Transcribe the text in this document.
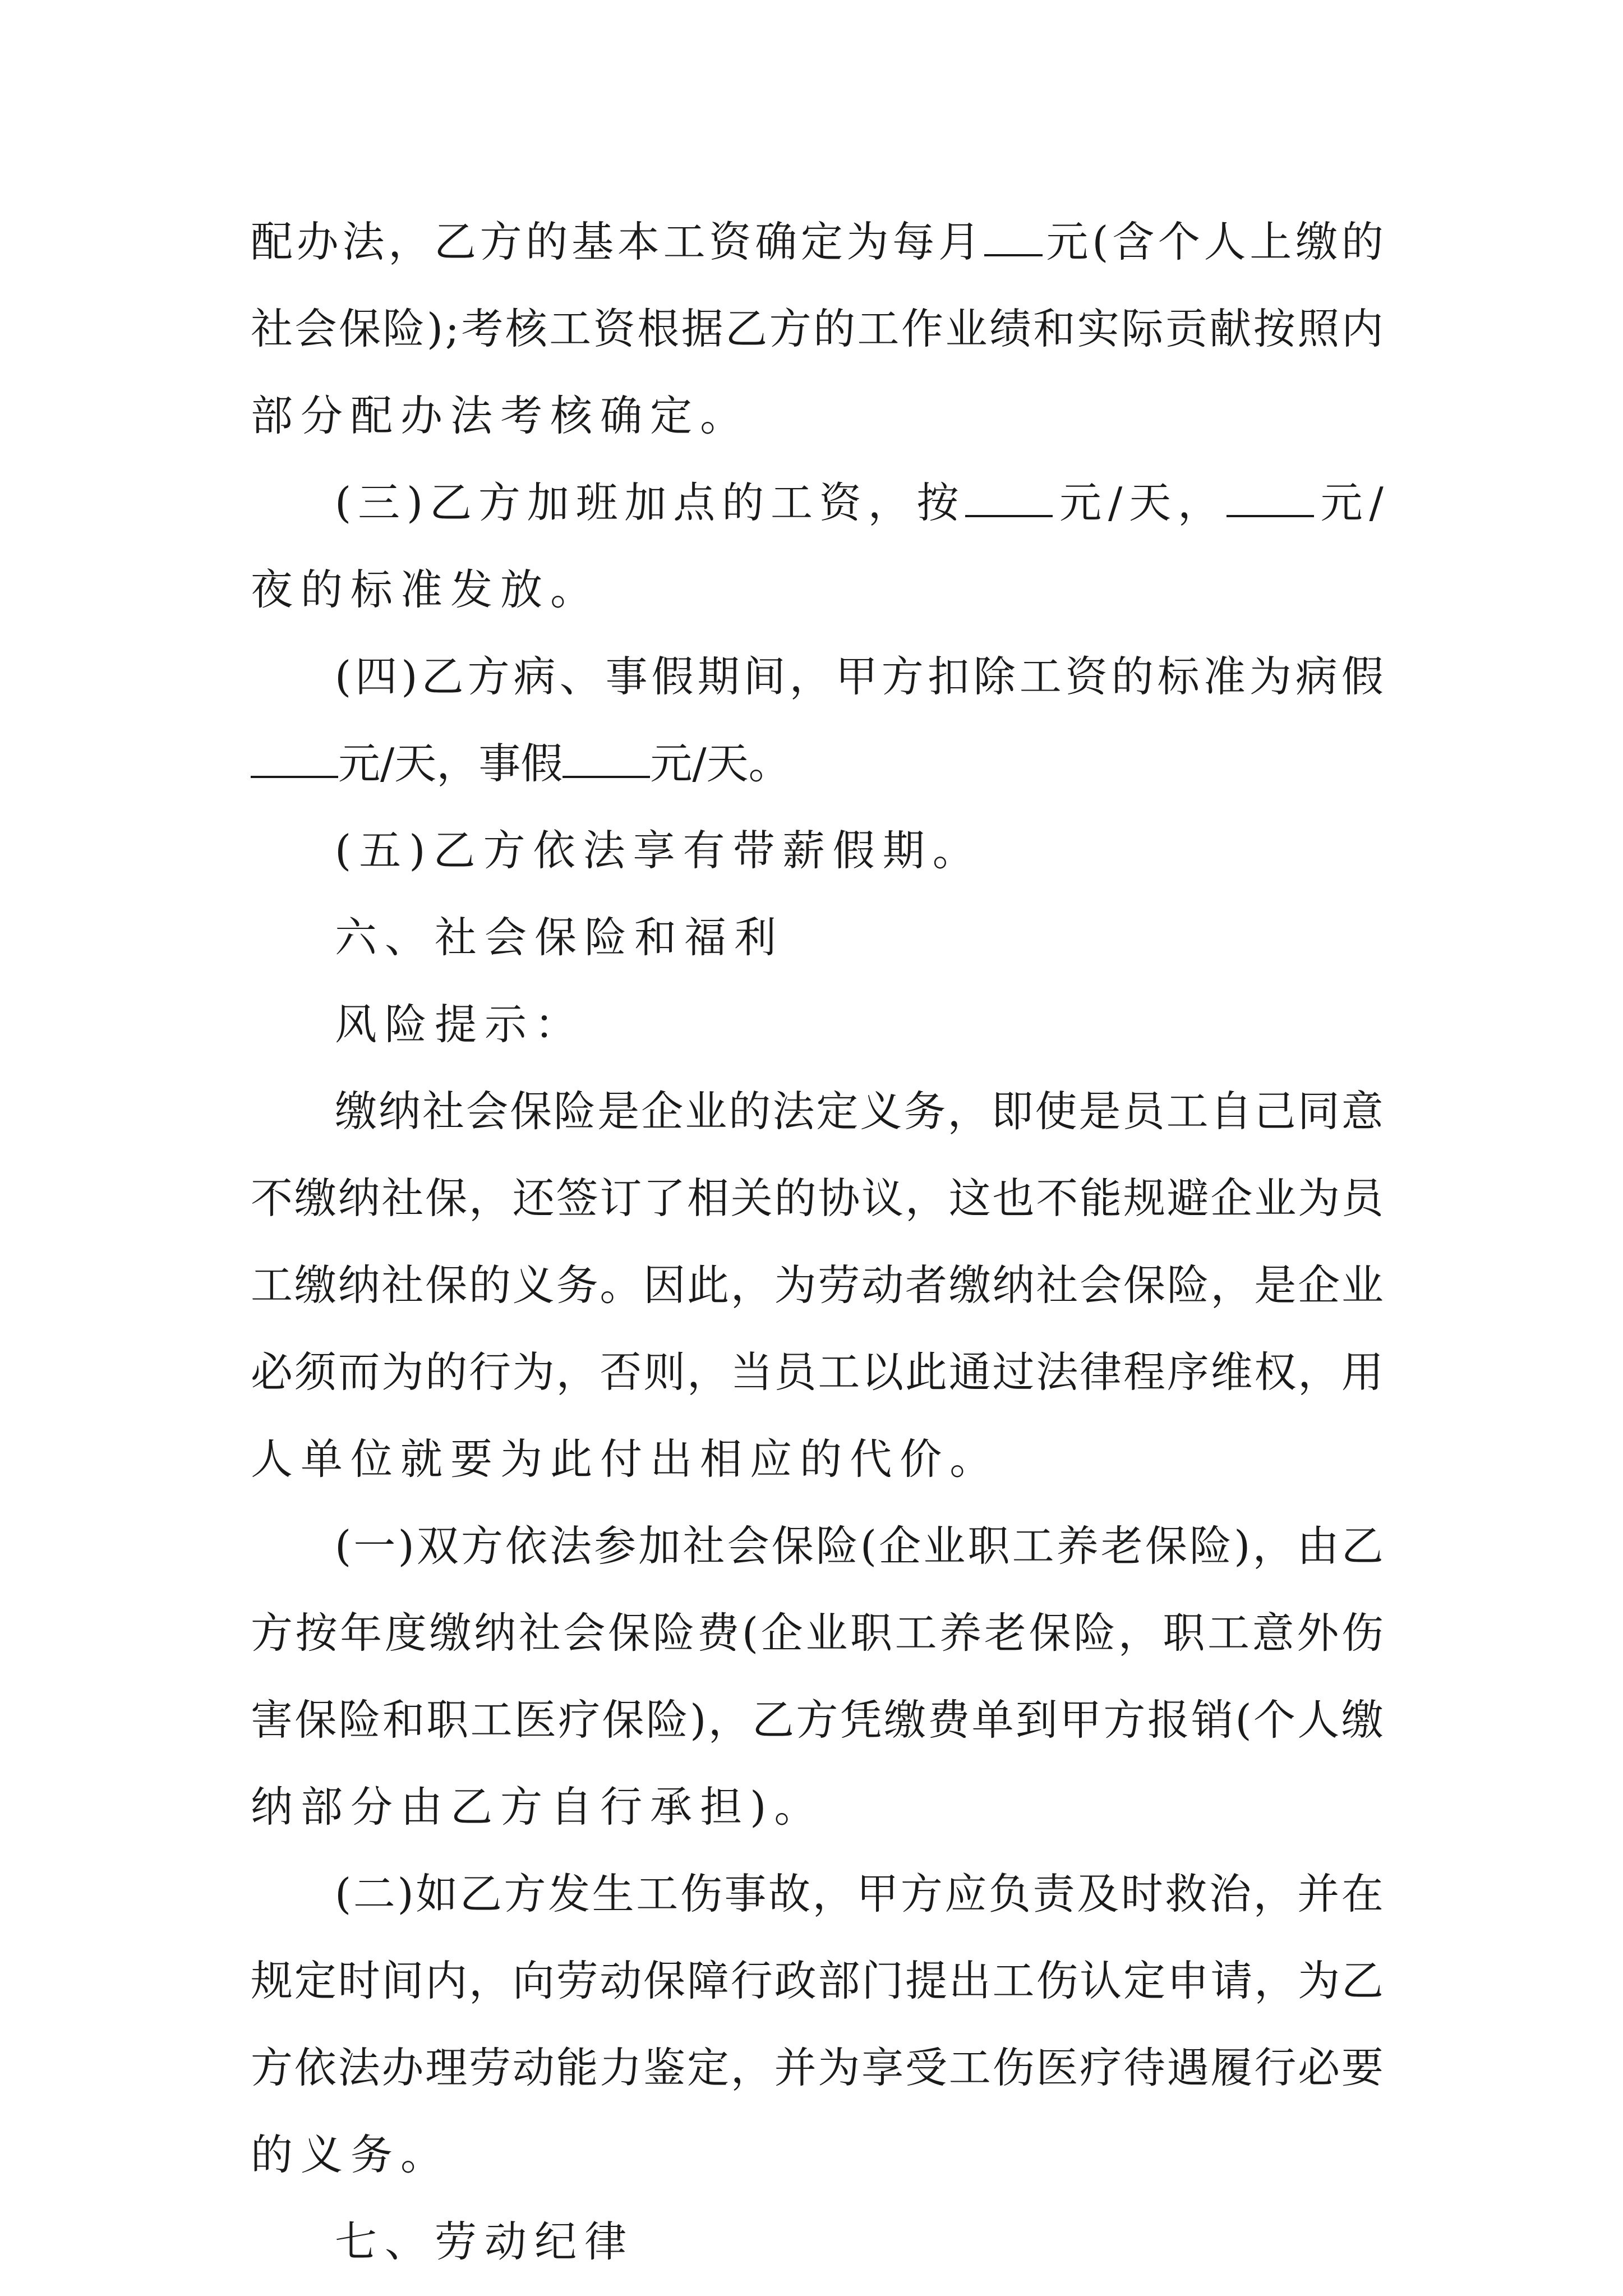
配 办 法 ， 乙 方 的 基 本 工 资 确 定 为 每 月 元 ( 含 个 人 上 缴 的
社 会 保 险 ) ; 考 核 工 资 根 据 乙 方 的 工 作 业 绩 和 实 际 贡 献 按 照 内
部分配办法考核确定。
( 三 ) 乙 方 加 班 加 点 的 工 资 ， 按 元 / 天 ， 元 /
夜的标准发放。
( 四 ) 乙 方 病 、 事 假 期 间 ， 甲 方 扣 除 工 资 的 标 准 为 病 假
元/天，事假 元/天。
(五)乙方依法享有带薪假期。
六、社会保险和福利
风险提示：
缴 纳 社 会 保 险 是 企 业 的 法 定 义 务 ， 即 使 是 员 工 自 己 同 意
不 缴 纳 社 保 ， 还 签 订 了 相 关 的 协 议 ， 这 也 不 能 规 避 企 业 为 员
工 缴 纳 社 保 的 义 务 。 因 此 ， 为 劳 动 者 缴 纳 社 会 保 险 ， 是 企 业
必 须 而 为 的 行 为 ， 否 则 ， 当 员 工 以 此 通 过 法 律 程 序 维 权 ， 用
人单位就要为此付出相应的代价。
( 一 ) 双 方 依 法 参 加 社 会 保 险 ( 企 业 职 工 养 老 保 险 ) ， 由 乙
方 按 年 度 缴 纳 社 会 保 险 费 ( 企 业 职 工 养 老 保 险 ， 职 工 意 外 伤
害 保 险 和 职 工 医 疗 保 险 ) ， 乙 方 凭 缴 费 单 到 甲 方 报 销 ( 个 人 缴
纳部分由乙方自行承担)。
( 二 ) 如 乙 方 发 生 工 伤 事 故 ， 甲 方 应 负 责 及 时 救 治 ， 并 在
规 定 时 间 内 ， 向 劳 动 保 障 行 政 部 门 提 出 工 伤 认 定 申 请 ， 为 乙
方 依 法 办 理 劳 动 能 力 鉴 定 ， 并 为 享 受 工 伤 医 疗 待 遇 履 行 必 要
的义务。
七、劳动纪律
